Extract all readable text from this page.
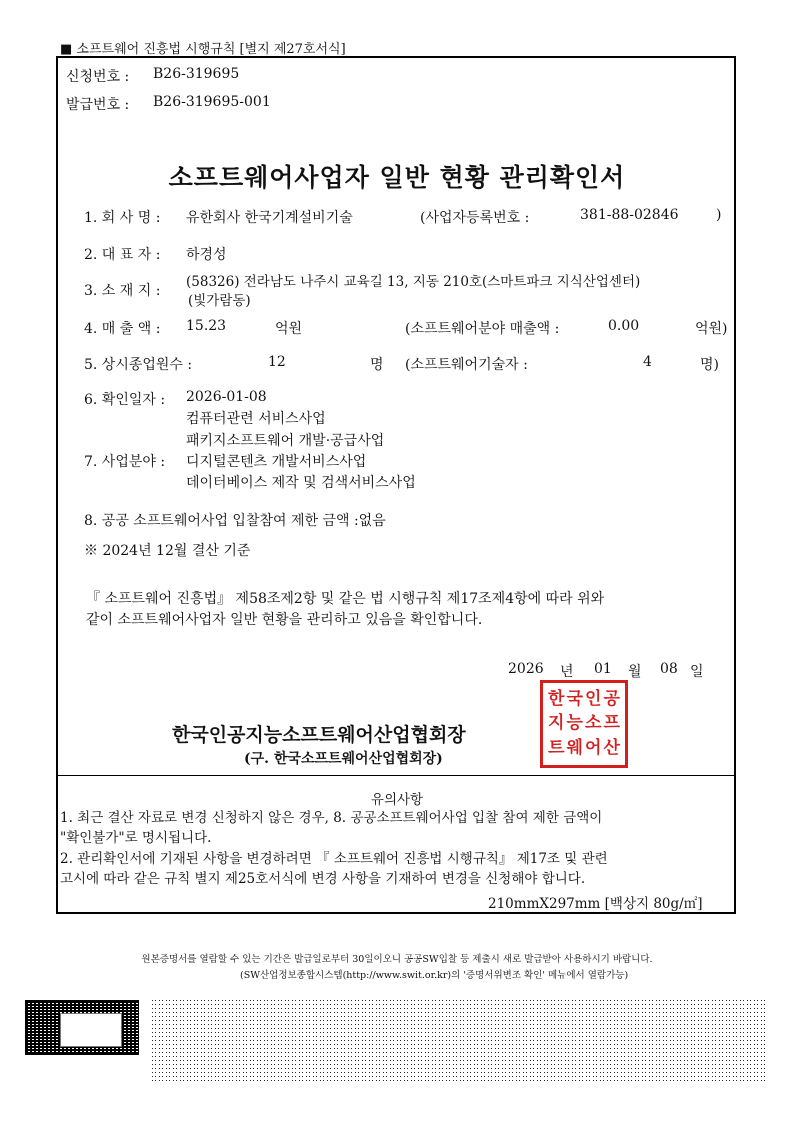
■ 소프트웨어 진흥법 시행규칙 [별지 제27호서식]
신청번호 : B26-319695
발급번호 : B26-319695-001
소프트웨어사업자 일반 현황 관리확인서
1. 회 사 명 : 유한회사 한국기계설비기술	(사업자등록번호 :	381-88-02846	)
2. 대 표 자 : 하경성
3. 소 재 지 :
(58326) 전라남도 나주시 교육길 13, 지동 210호(스마트파크 지식산업센터)
(빛가람동)
4. 매 출 액 : 15.23	억원	(소프트웨어분야 매출액 :	0.00	억원)
5. 상시종업원수 :	12	명 (소프트웨어기술자 :	4	명)
6. 확인일자 : 2026-01-08
컴퓨터관련 서비스사업
패키지소프트웨어 개발·공급사업
7. 사업분야 : 디지털콘텐츠 개발서비스사업
데이터베이스 제작 및 검색서비스사업
8. 공공 소프트웨어사업 입찰참여 제한 금액 :없음
※ 2024년 12월 결산 기준
『 소프트웨어 진흥법』 제58조제2항 및 같은 법 시행규칙 제17조제4항에 따라 위와
같이 소프트웨어사업자 일반 현황을 관리하고 있음을 확인합니다.
2026 년 01 월 08 일
한국인공지능소프트웨어산업협회장
(구. 한국소프트웨어산업협회장)
한 국 인 공
지 능 소 프
트 웨 어 산
유의사항
1. 최근 결산 자료로 변경 신청하지 않은 경우, 8. 공공소프트웨어사업 입찰 참여 제한 금액이
"확인불가"로 명시됩니다.
2. 관리확인서에 기재된 사항을 변경하려면 『 소프트웨어 진흥법 시행규칙』 제17조 및 관련
고시에 따라 같은 규칙 별지 제25호서식에 변경 사항을 기재하여 변경을 신청해야 합니다.
210mmX297mm [백상지 80g/㎡]
원본증명서를 열람할 수 있는 기간은 발급일로부터 30일이오니 공공SW입찰 등 제출시 새로 발급받아 사용하시기 바랍니다.
(SW산업정보종합시스템(http://www.swit.or.kr)의 '증명서위변조 확인' 메뉴에서 열람가능)
